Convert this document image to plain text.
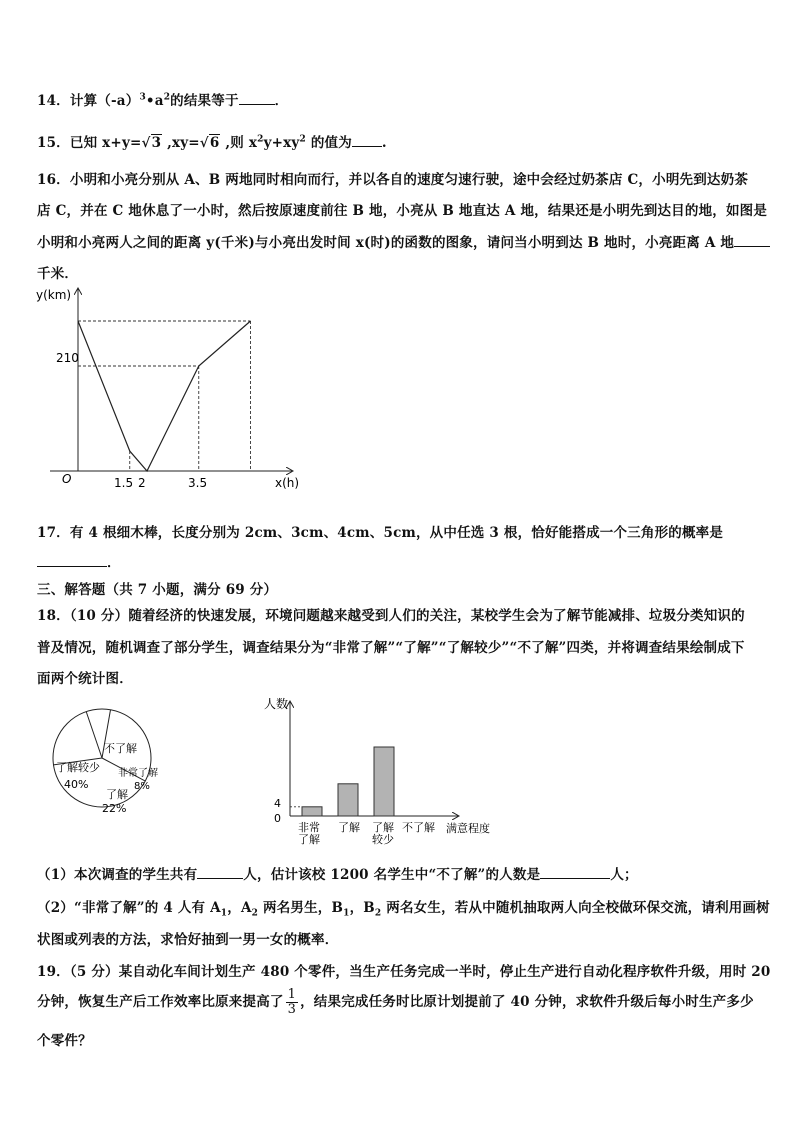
14．计算$(-a)^3•a^2$的结果等于	．
15．已知 x+y=√3 ,xy=√6 ,则 $x^2y+xy^2$ 的值为 .
16．小明和小亮分别从 A、B 两地同时相向而行，并以各自的速度匀速行驶，途中会经过奶茶店 C，小明先到达奶茶
店 C，并在 C 地休息了一小时，然后按原速度前往 B 地，小亮从 B 地直达 A 地，结果还是小明先到达目的地，如图是
小明和小亮两人之间的距离 y(千米)与小亮出发时间 x(时)的函数的图象，请问当小明到达 B 地时，小亮距离 A 地
千米．
y(km)
x(h)
O
210
1.5 2	3.5
17．有 4 根细木棒，长度分别为 2cm、3cm、4cm、5cm，从中任选 3 根，恰好能搭成一个三角形的概率是
．
三、解答题（共 7 小题，满分 69 分）
18．（10 分）随着经济的快速发展，环境问题越来越受到人们的关注，某校学生会为了解节能减排、垃圾分类知识的
普及情况，随机调查了部分学生，调查结果分为“非常了解”“了解”“了解较少”“不了解”四类，并将调查结果绘制成下
面两个统计图．
不了解
了解较少
40%
了解
22%
非常了解
8%
人数
满意程度
4
0
非常
了解
了解 了解
较少
不了解
（1）本次调查的学生共有	人，估计该校 1200 名学生中“不了解”的人数是	人；
（2）“非常了解”的 4 人有 $A_1$，$A_2$ 两名男生，$B_1$，$B_2$ 两名女生，若从中随机抽取两人向全校做环保交流，请利用画树
状图或列表的方法，求恰好抽到一男一女的概率．
19．（5 分）某自动化车间计划生产 480 个零件，当生产任务完成一半时，停止生产进行自动化程序软件升级，用时 20
分钟，恢复生产后工作效率比原来提高了 $\frac{1}{3}$ ，结果完成任务时比原计划提前了 40 分钟，求软件升级后每小时生产多少
个零件？
